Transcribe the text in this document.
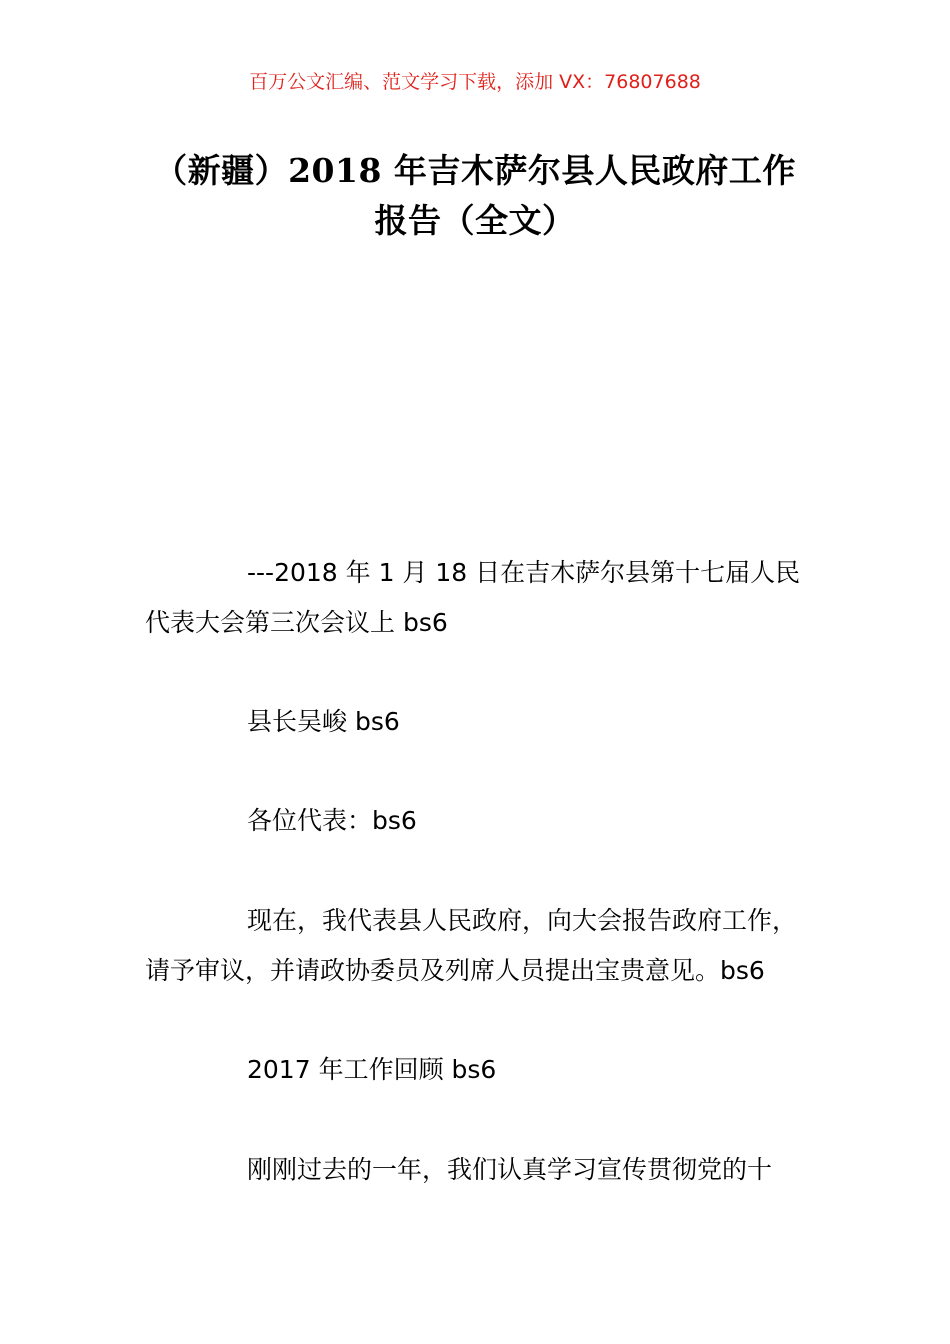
百万公文汇编、范文学习下载，添加 VX：76807688
（新疆）2018 年吉木萨尔县人民政府工作
报告（全文）
---2018 年 1 月 18 日在吉木萨尔县第十七届人民
代表大会第三次会议上 bs6
县长吴峻 bs6
各位代表：bs6
现在，我代表县人民政府，向大会报告政府工作，
请予审议，并请政协委员及列席人员提出宝贵意见。bs6
2017 年工作回顾 bs6
刚刚过去的一年，我们认真学习宣传贯彻党的十
